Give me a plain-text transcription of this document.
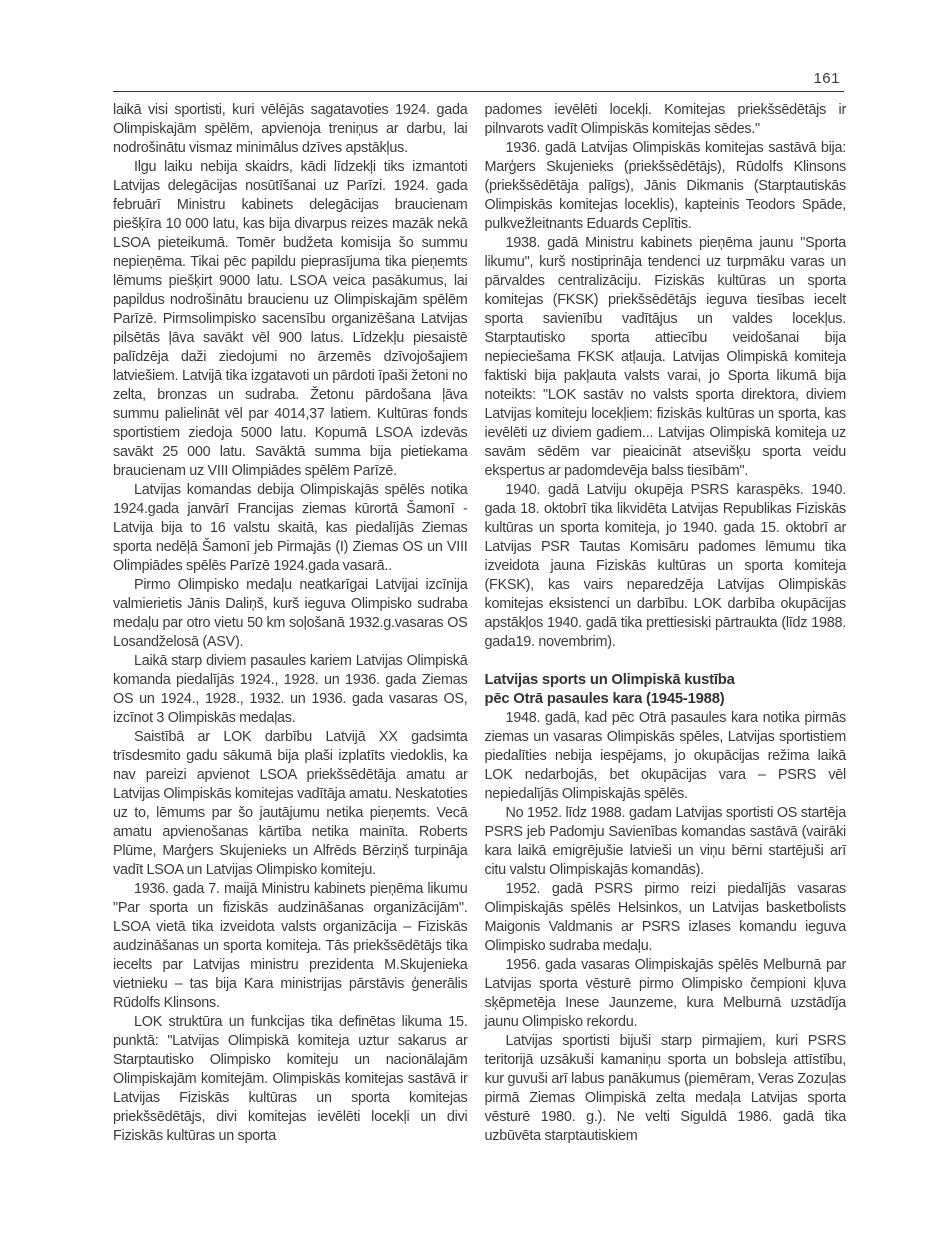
161

laikā visi sportisti, kuri vēlējās sagatavoties 1924. gada Olimpiskajām spēlēm, apvienoja treniņus ar darbu, lai nodrošinātu vismaz minimālus dzīves apstākļus.

Ilgu laiku nebija skaidrs, kādi līdzekļi tiks izmantoti Latvijas delegācijas nosūtīšanai uz Parīzi. 1924. gada februārī Ministru kabinets delegācijas braucienam piešķīra 10 000 latu, kas bija divarpus reizes mazāk nekā LSOA pieteikumā. Tomēr budžeta komisija šo summu nepieņēma. Tikai pēc papildu pieprasījuma tika pieņemts lēmums piešķirt 9000 latu. LSOA veica pasākumus, lai papildus nodrošinātu braucienu uz Olimpiskajām spēlēm Parīzē. Pirmsolimpisko sacensību organizēšana Latvijas pilsētās ļāva savākt vēl 900 latus. Līdzekļu piesaistē palīdzēja daži ziedojumi no ārzemēs dzīvojošajiem latviešiem. Latvijā tika izgatavoti un pārdoti īpaši žetoni no zelta, bronzas un sudraba. Žetonu pārdošana ļāva summu palielināt vēl par 4014,37 latiem. Kultūras fonds sportistiem ziedoja 5000 latu. Kopumā LSOA izdevās savākt 25 000 latu. Savāktā summa bija pietiekama braucienam uz VIII Olimpiādes spēlēm Parīzē.

Latvijas komandas debija Olimpiskajās spēlēs notika 1924.gada janvārī Francijas ziemas kūrortā Šamonī - Latvija bija to 16 valstu skaitā, kas piedalījās Ziemas sporta nedēļā Šamonī jeb Pirmajās (I) Ziemas OS un VIII Olimpiādes spēlēs Parīzē 1924.gada vasarā..

Pirmo Olimpisko medaļu neatkarīgai Latvijai izcīnija valmierietis Jānis Daliņš, kurš ieguva Olimpisko sudraba medaļu par otro vietu 50 km soļošanā 1932.g.vasaras OS Losandželosā (ASV).

Laikā starp diviem pasaules kariem Latvijas Olimpiskā komanda piedalījās 1924., 1928. un 1936. gada Ziemas OS un 1924., 1928., 1932. un 1936. gada vasaras OS, izcīnot 3 Olimpiskās medaļas.

Saistībā ar LOK darbību Latvijā XX gadsimta trīsdesmito gadu sākumā bija plaši izplatīts viedoklis, ka nav pareizi apvienot LSOA priekšsēdētāja amatu ar Latvijas Olimpiskās komitejas vadītāja amatu. Neskatoties uz to, lēmums par šo jautājumu netika pieņemts. Vecā amatu apvienošanas kārtība netika mainīta. Roberts Plūme, Marģers Skujenieks un Alfrēds Bērziņš turpināja vadīt LSOA un Latvijas Olimpisko komiteju.

1936. gada 7. maijā Ministru kabinets pieņēma likumu "Par sporta un fiziskās audzināšanas organizācijām". LSOA vietā tika izveidota valsts organizācija – Fiziskās audzināšanas un sporta komiteja. Tās priekšsēdētājs tika iecelts par Latvijas ministru prezidenta M.Skujenieka vietnieku – tas bija Kara ministrijas pārstāvis ģenerālis Rūdolfs Klinsons.

LOK struktūra un funkcijas tika definētas likuma 15. punktā: "Latvijas Olimpiskā komiteja uztur sakarus ar Starptautisko Olimpisko komiteju un nacionālajām Olimpiskajām komitejām. Olimpiskās komitejas sastāvā ir Latvijas Fiziskās kultūras un sporta komitejas priekšsēdētājs, divi komitejas ievēlēti locekļi un divi Fiziskās kultūras un sporta

padomes ievēlēti locekļi. Komitejas priekšsēdētājs ir pilnvarots vadīt Olimpiskās komitejas sēdes."

1936. gadā Latvijas Olimpiskās komitejas sastāvā bija: Marģers Skujenieks (priekšsēdētājs), Rūdolfs Klinsons (priekšsēdētāja palīgs), Jānis Dikmanis (Starptautiskās Olimpiskās komitejas loceklis), kapteinis Teodors Spāde, pulkvežleitnants Eduards Ceplītis.

1938. gadā Ministru kabinets pieņēma jaunu "Sporta likumu", kurš nostiprināja tendenci uz turpmāku varas un pārvaldes centralizāciju. Fiziskās kultūras un sporta komitejas (FKSK) priekšsēdētājs ieguva tiesības iecelt sporta savienību vadītājus un valdes locekļus. Starptautisko sporta attiecību veidošanai bija nepieciešama FKSK atļauja. Latvijas Olimpiskā komiteja faktiski bija pakļauta valsts varai, jo Sporta likumā bija noteikts: "LOK sastāv no valsts sporta direktora, diviem Latvijas komiteju locekļiem: fiziskās kultūras un sporta, kas ievēlēti uz diviem gadiem... Latvijas Olimpiskā komiteja uz savām sēdēm var pieaicināt atsevišķu sporta veidu ekspertus ar padomdevēja balss tiesībām".

1940. gadā Latviju okupēja PSRS karaspēks. 1940. gada 18. oktobrī tika likvidēta Latvijas Republikas Fiziskās kultūras un sporta komiteja, jo 1940. gada 15. oktobrī ar Latvijas PSR Tautas Komisāru padomes lēmumu tika izveidota jauna Fiziskās kultūras un sporta komiteja (FKSK), kas vairs neparedzēja Latvijas Olimpiskās komitejas eksistenci un darbību. LOK darbība okupācijas apstākļos 1940. gadā tika prettiesiski pārtraukta (līdz 1988. gada19. novembrim).

Latvijas sports un Olimpiskā kustība
pēc Otrā pasaules kara (1945-1988)

1948. gadā, kad pēc Otrā pasaules kara notika pirmās ziemas un vasaras Olimpiskās spēles, Latvijas sportistiem piedalīties nebija iespējams, jo okupācijas režima laikā LOK nedarbojās, bet okupācijas vara – PSRS vēl nepiedalījās Olimpiskajās spēlēs.

No 1952. līdz 1988. gadam Latvijas sportisti OS startēja PSRS jeb Padomju Savienības komandas sastāvā (vairāki kara laikā emigrējušie latvieši un viņu bērni startējuši arī citu valstu Olimpiskajās komandās).

1952. gadā PSRS pirmo reizi piedalījās vasaras Olimpiskajās spēlēs Helsinkos, un Latvijas basketbolists Maigonis Valdmanis ar PSRS izlases komandu ieguva Olimpisko sudraba medaļu.

1956. gada vasaras Olimpiskajās spēlēs Melburnā par Latvijas sporta vēsturē pirmo Olimpisko čempioni kļuva sķēpmetēja Inese Jaunzeme, kura Melburnā uzstādīja jaunu Olimpisko rekordu.

Latvijas sportisti bijuši starp pirmajiem, kuri PSRS teritorijā uzsākuši kamaniņu sporta un bobsleja attīstību, kur guvuši arī labus panākumus (piemēram, Veras Zozuļas pirmā Ziemas Olimpiskā zelta medaļa Latvijas sporta vēsturē 1980. g.). Ne velti Siguldā 1986. gadā tika uzbūvēta starptautiskiem
